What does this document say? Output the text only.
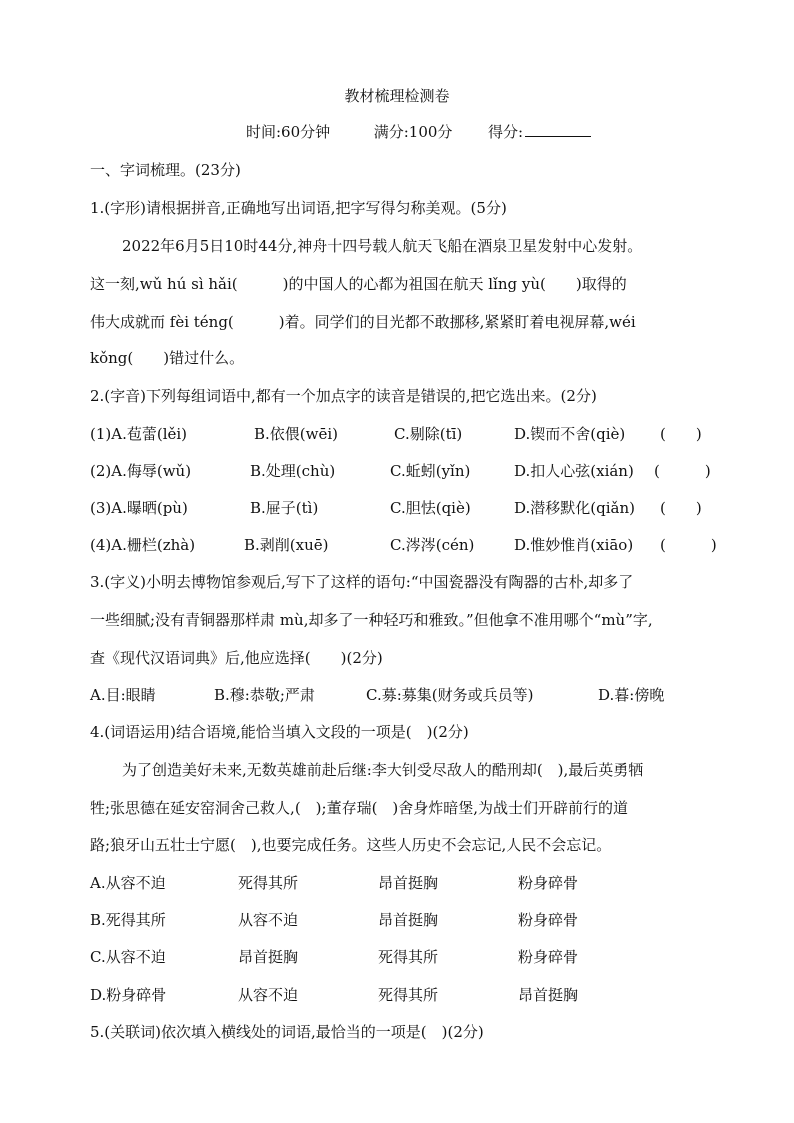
教材梳理检测卷
时间:60分钟	满分:100分 得分:
一、字词梳理。(23分)
1.(字形)请根据拼音,正确地写出词语,把字写得匀称美观。(5分)
2022年6月5日10时44分,神舟十四号载人航天飞船在酒泉卫星发射中心发射。
这一刻,wǔ hú sì hǎi(　　　)的中国人的心都为祖国在航天 lǐng yù(　　)取得的
伟大成就而 fèi téng(　　　)着。同学们的目光都不敢挪移,紧紧盯着电视屏幕,wéi
kǒng(　　)错过什么。
2.(字音)下列每组词语中,都有一个加点字的读音是错误的,把它选出来。(2分)
(1)A.苞蕾(lěi)	B.依偎(wēi)	C.剔除(tī)	D.锲而不舍(qiè) (　　)
(2)A.侮辱(wǔ)	B.处理(chù)	C.蚯蚓(yǐn)	D.扣人心弦(xián) (　　　)
(3)A.曝晒(pù)	B.屉子(tì)	C.胆怯(qiè)	D.潜移默化(qiǎn) (　　)
(4)A.栅栏(zhà)	B.剥削(xuē)	C.涔涔(cén)	D.惟妙惟肖(xiāo) (　　　)
3.(字义)小明去博物馆参观后,写下了这样的语句:“中国瓷器没有陶器的古朴,却多了
一些细腻;没有青铜器那样肃 mù,却多了一种轻巧和雅致。”但他拿不准用哪个“mù”字,
查《现代汉语词典》后,他应选择(　　)(2分)
A.目:眼睛	B.穆:恭敬;严肃	C.募:募集(财务或兵员等)	D.暮:傍晚
4.(词语运用)结合语境,能恰当填入文段的一项是(　)(2分)
为了创造美好未来,无数英雄前赴后继:李大钊受尽敌人的酷刑却(　),最后英勇牺
牲;张思德在延安窑洞舍己救人,(　);董存瑞(　)舍身炸暗堡,为战士们开辟前行的道
路;狼牙山五壮士宁愿(　),也要完成任务。这些人历史不会忘记,人民不会忘记。
A.从容不迫	死得其所	昂首挺胸	粉身碎骨
B.死得其所	从容不迫	昂首挺胸	粉身碎骨
C.从容不迫	昂首挺胸	死得其所	粉身碎骨
D.粉身碎骨	从容不迫	死得其所	昂首挺胸
5.(关联词)依次填入横线处的词语,最恰当的一项是(　)(2分)
